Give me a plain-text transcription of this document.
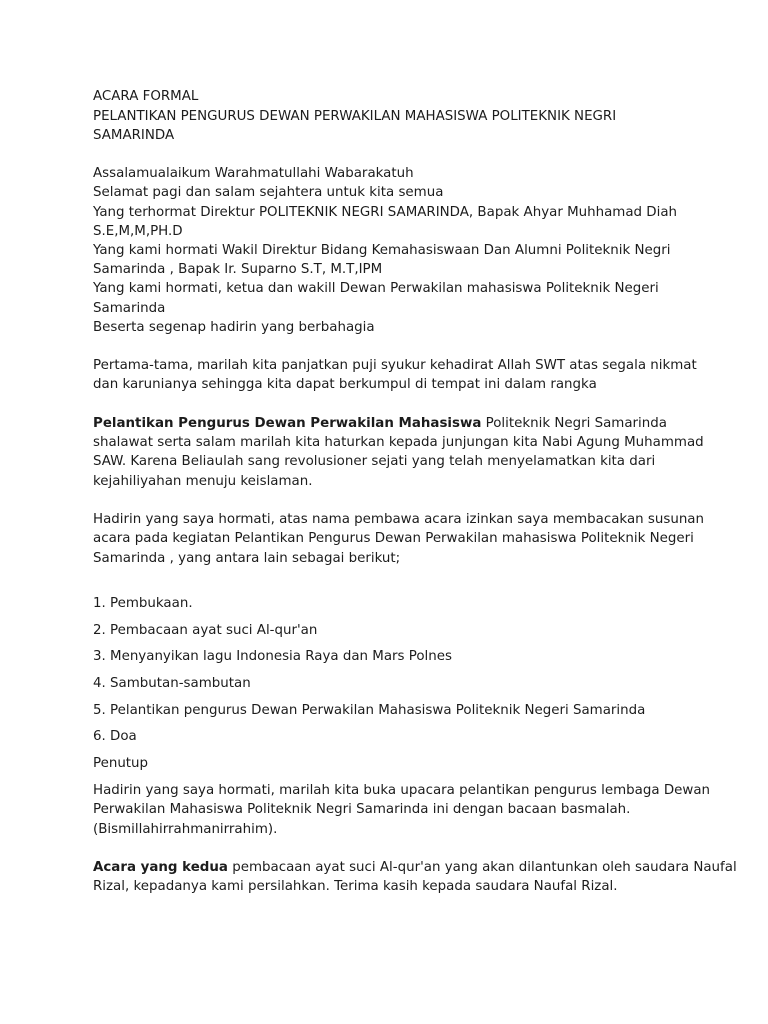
ACARA FORMAL
PELANTIKAN PENGURUS DEWAN PERWAKILAN MAHASISWA POLITEKNIK NEGRI
SAMARINDA
Assalamualaikum Warahmatullahi Wabarakatuh
Selamat pagi dan salam sejahtera untuk kita semua
Yang terhormat Direktur POLITEKNIK NEGRI SAMARINDA, Bapak Ahyar Muhhamad Diah
S.E,M,M,PH.D
Yang kami hormati Wakil Direktur Bidang Kemahasiswaan Dan Alumni Politeknik Negri
Samarinda , Bapak Ir. Suparno S.T, M.T,IPM
Yang kami hormati, ketua dan wakill Dewan Perwakilan mahasiswa Politeknik Negeri
Samarinda
Beserta segenap hadirin yang berbahagia
Pertama-tama, marilah kita panjatkan puji syukur kehadirat Allah SWT atas segala nikmat
dan karunianya sehingga kita dapat berkumpul di tempat ini dalam rangka
Pelantikan Pengurus Dewan Perwakilan Mahasiswa Politeknik Negri Samarinda
shalawat serta salam marilah kita haturkan kepada junjungan kita Nabi Agung Muhammad
SAW. Karena Beliaulah sang revolusioner sejati yang telah menyelamatkan kita dari
kejahiliyahan menuju keislaman.
Hadirin yang saya hormati, atas nama pembawa acara izinkan saya membacakan susunan
acara pada kegiatan Pelantikan Pengurus Dewan Perwakilan mahasiswa Politeknik Negeri
Samarinda , yang antara lain sebagai berikut;
1. Pembukaan.
2. Pembacaan ayat suci Al-qur'an
3. Menyanyikan lagu Indonesia Raya dan Mars Polnes
4. Sambutan-sambutan
5. Pelantikan pengurus Dewan Perwakilan Mahasiswa Politeknik Negeri Samarinda
6. Doa
Penutup
Hadirin yang saya hormati, marilah kita buka upacara pelantikan pengurus lembaga Dewan
Perwakilan Mahasiswa Politeknik Negri Samarinda ini dengan bacaan basmalah.
(Bismillahirrahmanirrahim).
Acara yang kedua pembacaan ayat suci Al-qur'an yang akan dilantunkan oleh saudara Naufal
Rizal, kepadanya kami persilahkan. Terima kasih kepada saudara Naufal Rizal.
